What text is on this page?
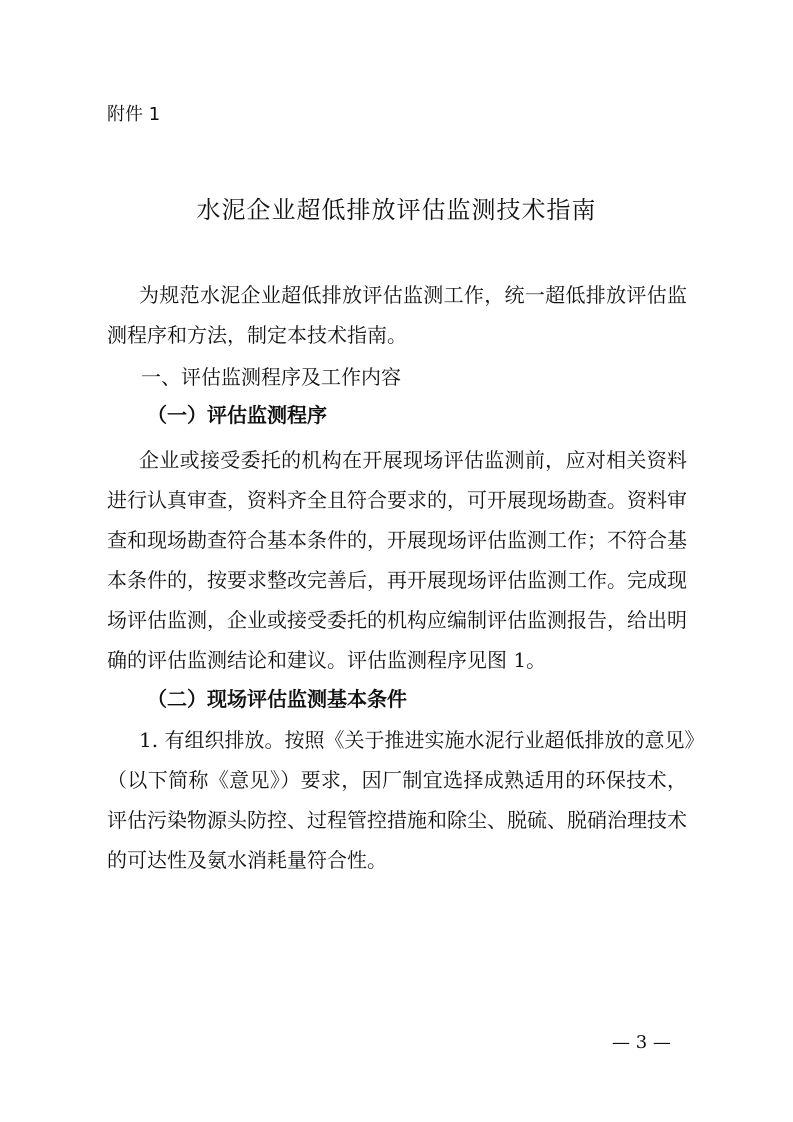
附件 1
水泥企业超低排放评估监测技术指南
为规范水泥企业超低排放评估监测工作，统一超低排放评估监
测程序和方法，制定本技术指南。
一、评估监测程序及工作内容
（一）评估监测程序
企业或接受委托的机构在开展现场评估监测前，应对相关资料
进行认真审查，资料齐全且符合要求的，可开展现场勘查。资料审
查和现场勘查符合基本条件的，开展现场评估监测工作；不符合基
本条件的，按要求整改完善后，再开展现场评估监测工作。完成现
场评估监测，企业或接受委托的机构应编制评估监测报告，给出明
确的评估监测结论和建议。评估监测程序见图 1。
（二）现场评估监测基本条件
1. 有组织排放。按照《关于推进实施水泥行业超低排放的意见》
（以下简称《意见》）要求，因厂制宜选择成熟适用的环保技术，
评估污染物源头防控、过程管控措施和除尘、脱硫、脱硝治理技术
的可达性及氨水消耗量符合性。
— 3 —
